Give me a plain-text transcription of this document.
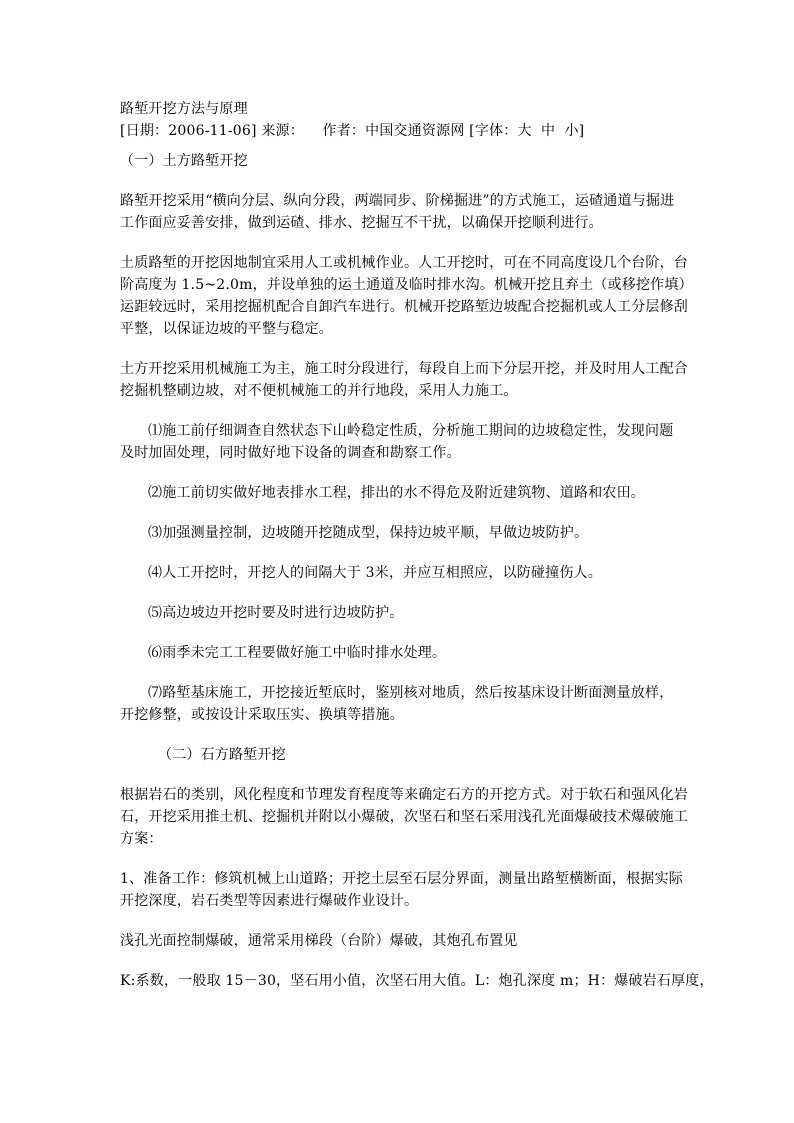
路堑开挖方法与原理
[日期：2006-11-06] 来源： 作者：中国交通资源网 [字体：大 中 小]
（一）土方路堑开挖
路堑开挖采用“横向分层、纵向分段，两端同步、阶梯掘进”的方式施工，运碴通道与掘进
工作面应妥善安排，做到运碴、排水、挖掘互不干扰，以确保开挖顺利进行。
土质路堑的开挖因地制宜采用人工或机械作业。人工开挖时，可在不同高度设几个台阶，台
阶高度为 1.5~2.0m，并设单独的运土通道及临时排水沟。机械开挖且弃土（或移挖作填）
运距较远时，采用挖掘机配合自卸汽车进行。机械开挖路堑边坡配合挖掘机或人工分层修刮
平整，以保证边坡的平整与稳定。
土方开挖采用机械施工为主，施工时分段进行，每段自上而下分层开挖，并及时用人工配合
挖掘机整刷边坡，对不便机械施工的并行地段，采用人力施工。
⑴施工前仔细调查自然状态下山岭稳定性质，分析施工期间的边坡稳定性，发现问题
及时加固处理，同时做好地下设备的调查和勘察工作。
⑵施工前切实做好地表排水工程，排出的水不得危及附近建筑物、道路和农田。
⑶加强测量控制，边坡随开挖随成型，保持边坡平顺，早做边坡防护。
⑷人工开挖时，开挖人的间隔大于 3米，并应互相照应，以防碰撞伤人。
⑸高边坡边开挖时要及时进行边坡防护。
⑹雨季未完工工程要做好施工中临时排水处理。
⑺路堑基床施工，开挖接近堑底时，鉴别核对地质，然后按基床设计断面测量放样，
开挖修整，或按设计采取压实、换填等措施。
（二）石方路堑开挖
根据岩石的类别，风化程度和节理发育程度等来确定石方的开挖方式。对于软石和强风化岩
石，开挖采用推土机、挖掘机并附以小爆破，次坚石和坚石采用浅孔光面爆破技术爆破施工
方案：
1、准备工作：修筑机械上山道路；开挖土层至石层分界面，测量出路堑横断面，根据实际
开挖深度，岩石类型等因素进行爆破作业设计。
浅孔光面控制爆破，通常采用梯段（台阶）爆破，其炮孔布置见
K:系数，一般取 15－30，坚石用小值，次坚石用大值。L：炮孔深度 m；H：爆破岩石厚度，
